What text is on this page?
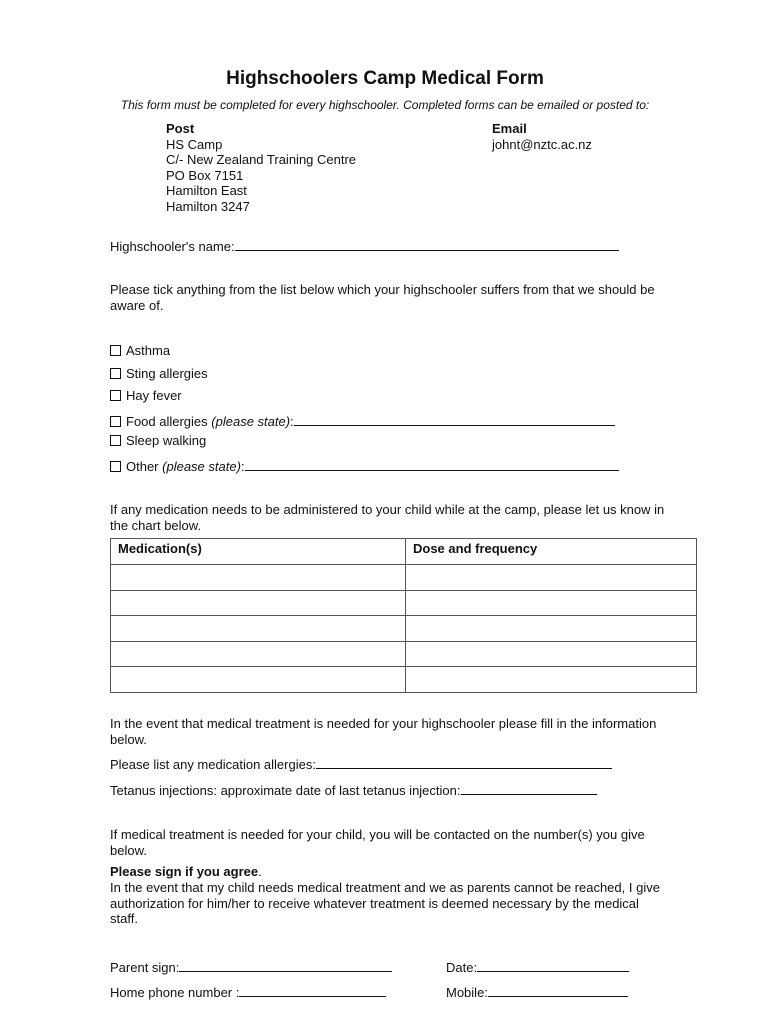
Highschoolers Camp Medical Form
This form must be completed for every highschooler. Completed forms can be emailed or posted to:
Post
HS Camp
C/- New Zealand Training Centre
PO Box 7151
Hamilton East
Hamilton 3247
Email
johnt@nztc.ac.nz
Highschooler's name:
Please tick anything from the list below which your highschooler suffers from that we should be aware of.
Asthma
Sting allergies
Hay fever
Food allergies (please state):
Sleep walking
Other (please state):
If any medication needs to be administered to your child while at the camp, please let us know in the chart below.
Medication(s)	Dose and frequency

In the event that medical treatment is needed for your highschooler please fill in the information below.
Please list any medication allergies:
Tetanus injections: approximate date of last tetanus injection:
If medical treatment is needed for your child, you will be contacted on the number(s) you give below.
Please sign if you agree.
In the event that my child needs medical treatment and we as parents cannot be reached, I give authorization for him/her to receive whatever treatment is deemed necessary by the medical staff.
Parent sign:	Date:
Home phone number :	Mobile:
